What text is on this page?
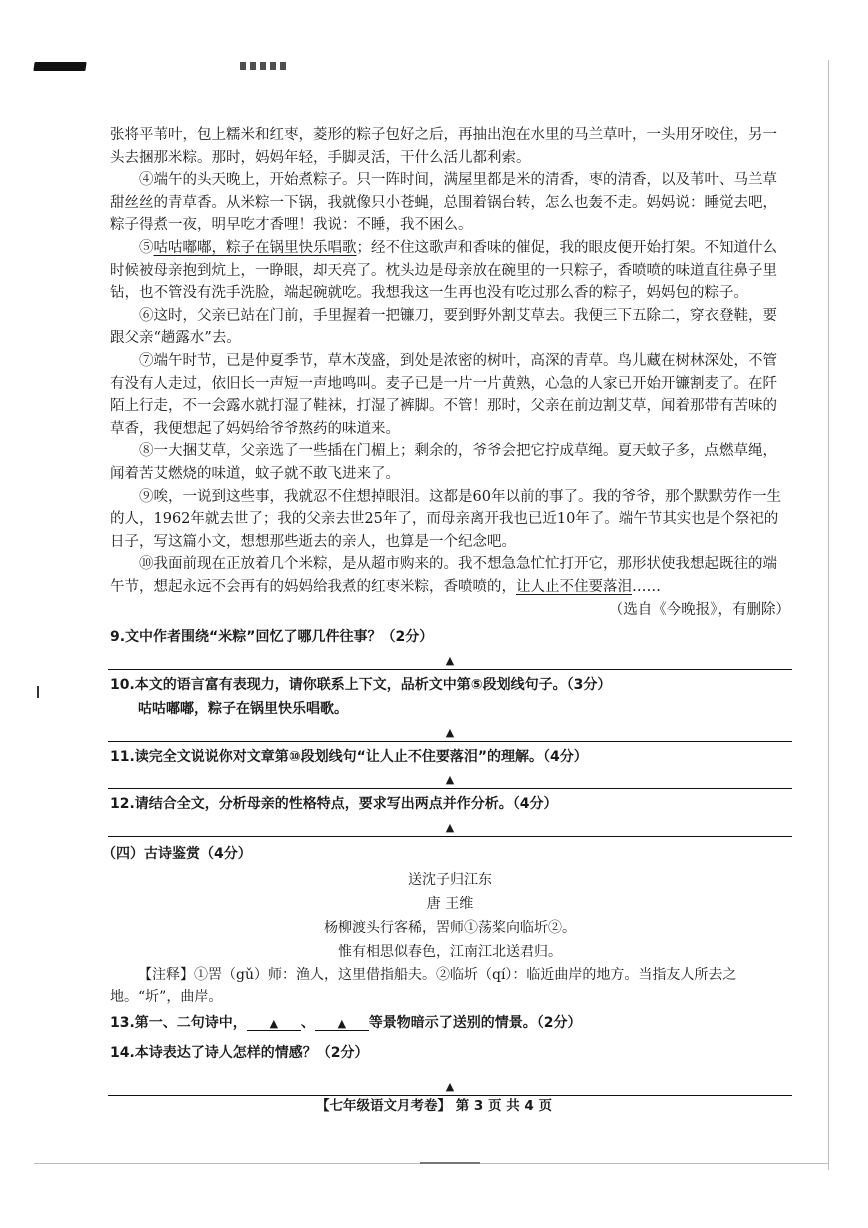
张将平苇叶，包上糯米和红枣，菱形的粽子包好之后，再抽出泡在水里的马兰草叶，一头用牙咬住，另一头去捆那米粽。那时，妈妈年轻，手脚灵活，干什么活儿都利索。

④端午的头天晚上，开始煮粽子。只一阵时间，满屋里都是米的清香，枣的清香，以及苇叶、马兰草甜丝丝的青草香。从米粽一下锅，我就像只小苍蝇，总围着锅台转，怎么也轰不走。妈妈说：睡觉去吧，粽子得煮一夜，明早吃才香哩！我说：不睡，我不困么。

⑤咕咕嘟嘟，粽子在锅里快乐唱歌；经不住这歌声和香味的催促，我的眼皮便开始打架。不知道什么时候被母亲抱到炕上，一睁眼，却天亮了。枕头边是母亲放在碗里的一只粽子，香喷喷的味道直往鼻子里钻，也不管没有洗手洗脸，端起碗就吃。我想我这一生再也没有吃过那么香的粽子，妈妈包的粽子。

⑥这时，父亲已站在门前，手里握着一把镰刀，要到野外割艾草去。我便三下五除二，穿衣登鞋，要跟父亲“趟露水”去。

⑦端午时节，已是仲夏季节，草木茂盛，到处是浓密的树叶，高深的青草。鸟儿藏在树林深处，不管有没有人走过，依旧长一声短一声地鸣叫。麦子已是一片一片黄熟，心急的人家已开始开镰割麦了。在阡陌上行走，不一会露水就打湿了鞋袜，打湿了裤脚。不管！那时，父亲在前边割艾草，闻着那带有苦味的草香，我便想起了妈妈给爷爷熬药的味道来。

⑧一大捆艾草，父亲选了一些插在门楣上；剩余的，爷爷会把它拧成草绳。夏天蚊子多，点燃草绳，闻着苦艾燃烧的味道，蚊子就不敢飞进来了。

⑨唉，一说到这些事，我就忍不住想掉眼泪。这都是60年以前的事了。我的爷爷，那个默默劳作一生的人，1962年就去世了；我的父亲去世25年了，而母亲离开我也已近10年了。端午节其实也是个祭祀的日子，写这篇小文，想想那些逝去的亲人，也算是一个纪念吧。

⑩我面前现在正放着几个米粽，是从超市购来的。我不想急急忙忙打开它，那形状使我想起既往的端午节，想起永远不会再有的妈妈给我煮的红枣米粽，香喷喷的，让人止不住要落泪……

（选自《今晚报》，有删除）

9.文中作者围绕“米粽”回忆了哪几件往事？（2分）

▲

10.本文的语言富有表现力，请你联系上下文，品析文中第⑤段划线句子。（3分）

咕咕嘟嘟，粽子在锅里快乐唱歌。

▲

11.读完全文说说你对文章第⑩段划线句“让人止不住要落泪”的理解。（4分）

▲

12.请结合全文，分析母亲的性格特点，要求写出两点并作分析。（4分）

▲

（四）古诗鉴赏（4分）

送沈子归江东

唐 王维

杨柳渡头行客稀，罟师①荡桨向临圻②。

惟有相思似春色，江南江北送君归。

【注释】①罟（gǔ）师：渔人，这里借指船夫。②临圻（qí）：临近曲岸的地方。当指友人所去之地。“圻”，曲岸。

13.第一、二句诗中， ▲ 、 ▲ 等景物暗示了送别的情景。（2分）

14.本诗表达了诗人怎样的情感？（2分）

▲
【七年级语文月考卷】 第 3 页 共 4 页
